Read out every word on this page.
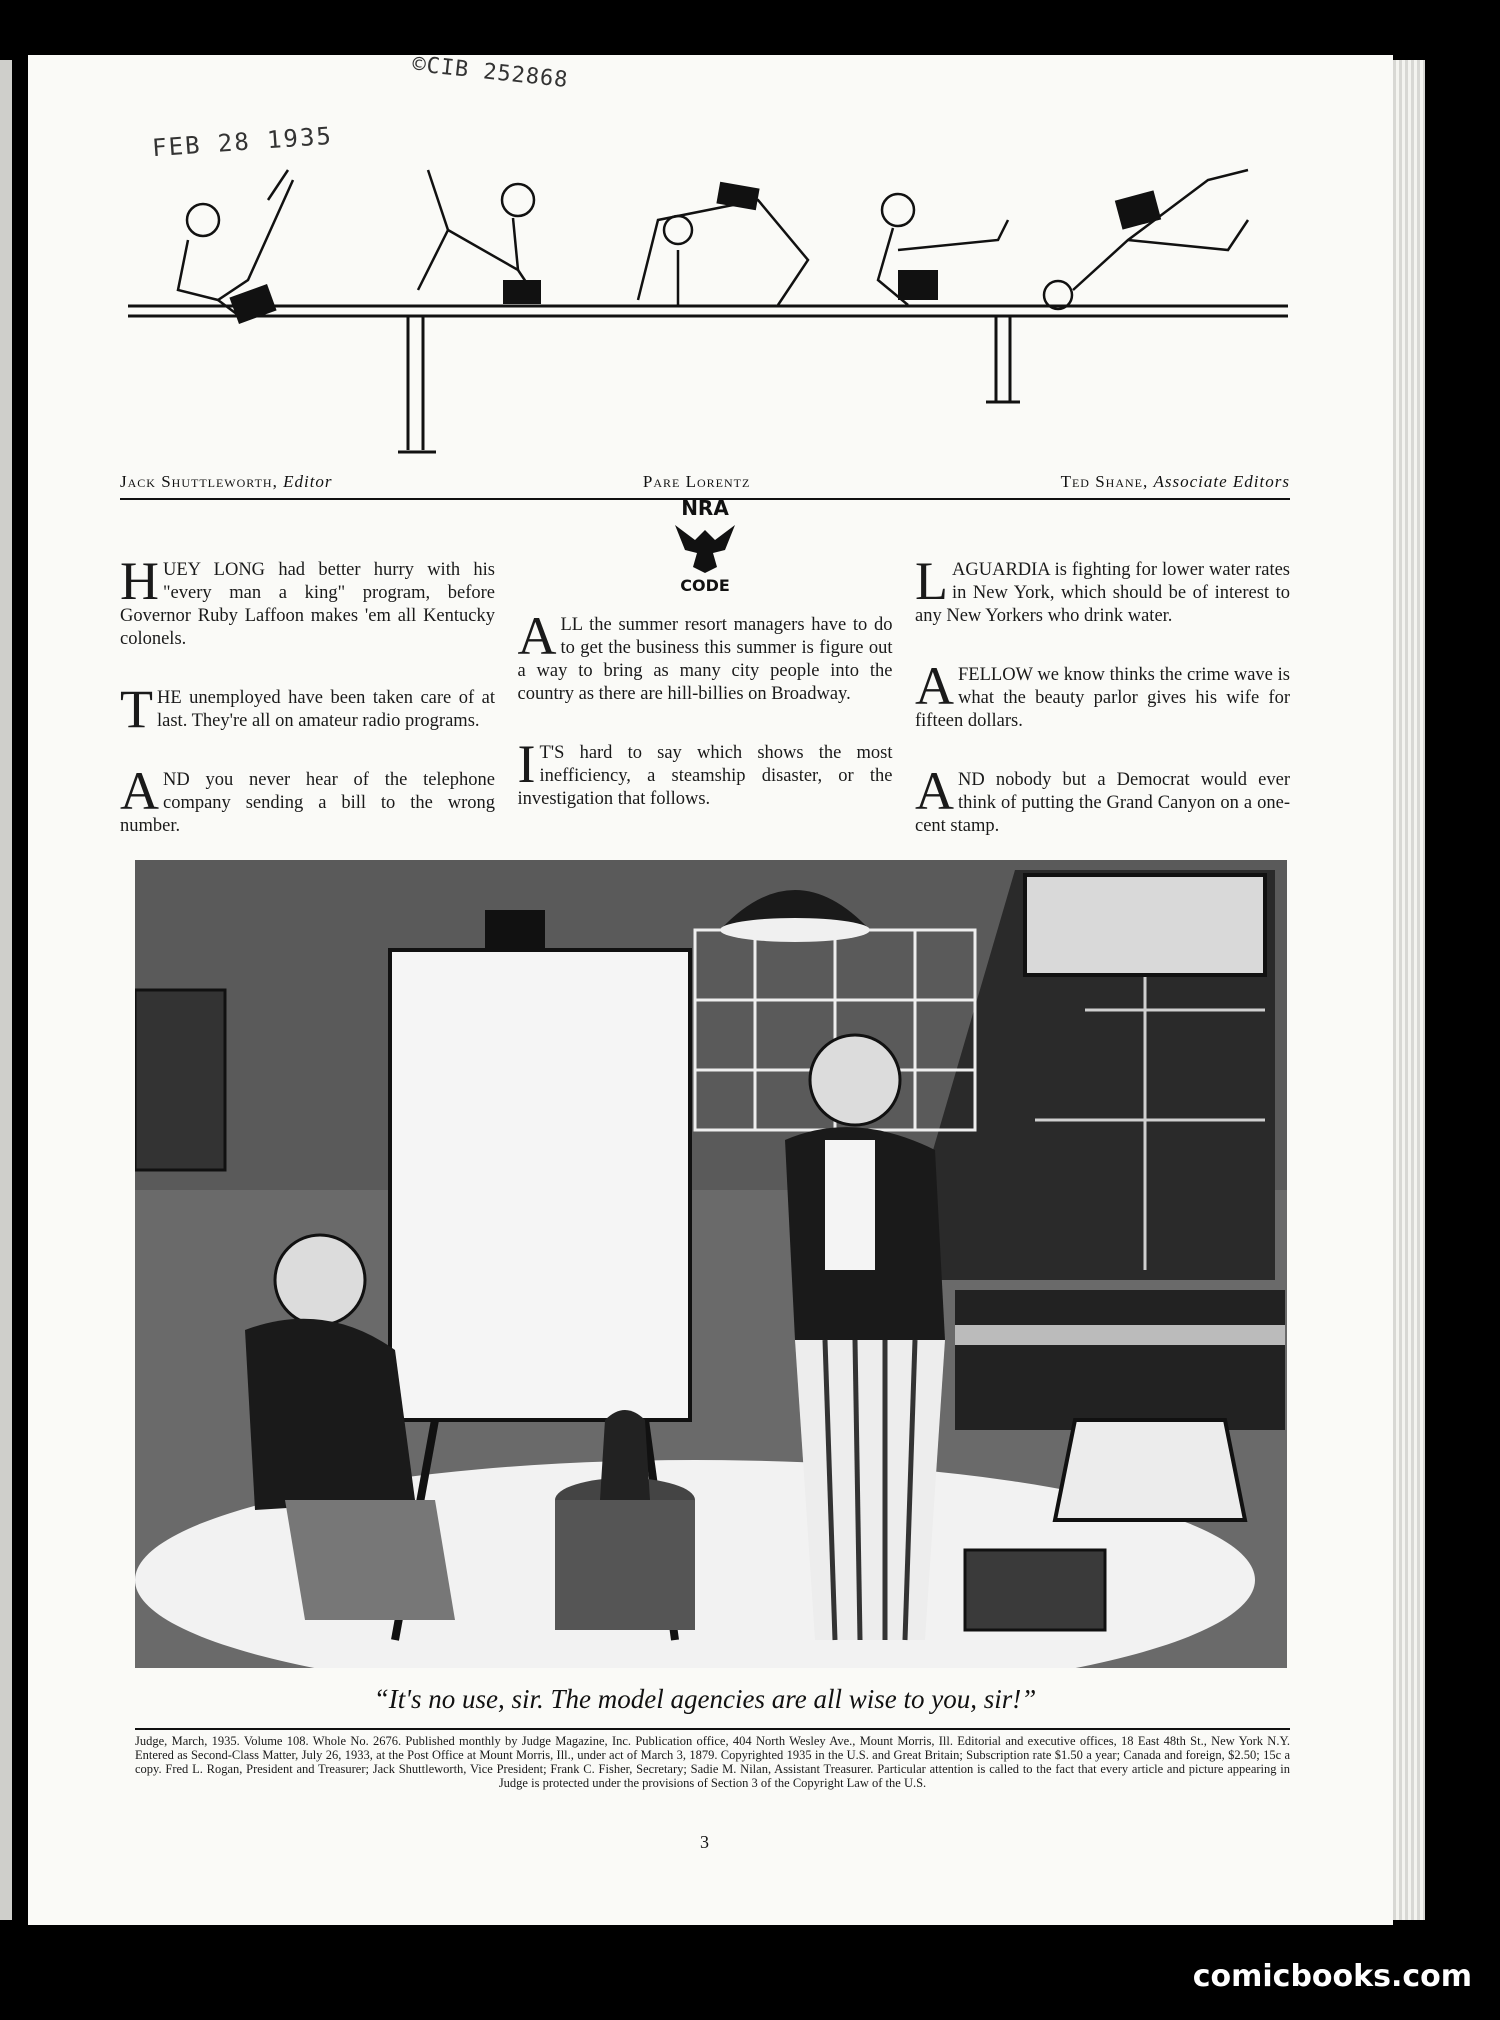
FEB 28 1935
©CIB 252868
Jack Shuttleworth, Editor	Pare Lorentz	Ted Shane, Associate Editors

HUEY LONG had better hurry with his "every man a king" program, before Governor Ruby Laffoon makes 'em all Kentucky colonels.

THE unemployed have been taken care of at last. They're all on amateur radio programs.

AND you never hear of the telephone company sending a bill to the wrong number.

NRA
CODE

ALL the summer resort managers have to do to get the business this summer is figure out a way to bring as many city people into the country as there are hill-billies on Broadway.

I T'S hard to say which shows the most inefficiency, a steamship disaster, or the investigation that follows.

LAGUARDIA is fighting for lower water rates in New York, which should be of interest to any New Yorkers who drink water.

AFELLOW we know thinks the crime wave is what the beauty parlor gives his wife for fifteen dollars.

AND nobody but a Democrat would ever think of putting the Grand Canyon on a one-cent stamp.

“It's no use, sir. The model agencies are all wise to you, sir!”
Judge, March, 1935. Volume 108. Whole No. 2676. Published monthly by Judge Magazine, Inc. Publication office, 404 North Wesley Ave., Mount Morris, Ill. Editorial and executive offices, 18 East 48th St., New York N.Y. Entered as Second-Class Matter, July 26, 1933, at the Post Office at Mount Morris, Ill., under act of March 3, 1879. Copyrighted 1935 in the U.S. and Great Britain; Subscription rate $1.50 a year; Canada and foreign, $2.50; 15c a copy. Fred L. Rogan, President and Treasurer; Jack Shuttleworth, Vice President; Frank C. Fisher, Secretary; Sadie M. Nilan, Assistant Treasurer. Particular attention is called to the fact that every article and picture appearing in Judge is protected under the provisions of Section 3 of the Copyright Law of the U.S.
3
comicbooks.com
